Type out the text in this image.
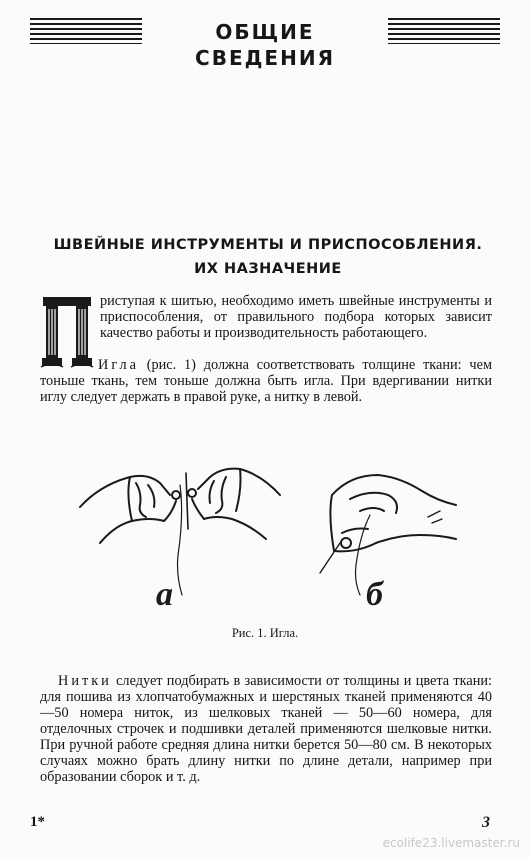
ОБЩИЕ СВЕДЕНИЯ
ШВЕЙНЫЕ ИНСТРУМЕНТЫ И ПРИСПОСОБЛЕНИЯ.
ИХ НАЗНАЧЕНИЕ
риступая к шитью, необходимо иметь швейные инструменты и приспособления, от правильного подбора которых зависит качество работы и производительность работающего.
Игла (рис. 1) должна соответствовать толщине ткани: чем тоньше ткань, тем тоньше должна быть игла. При вдергивании нитки иглу следует держать в правой руке, а нитку в левой.
а	б
Рис. 1. Игла.
Нитки следует подбирать в зависимости от толщины и цвета ткани: для пошива из хлопчатобумажных и шерстяных тканей применяются 40—50 номера ниток, из шелковых тканей — 50—60 номера, для отделочных строчек и подшивки деталей применяются шелковые нитки. При ручной работе средняя длина нитки берется 50—80 см. В некоторых случаях можно брать длину нитки по длине детали, например при образовании сборок и т. д.
1*	3
ecolife23.livemaster.ru
